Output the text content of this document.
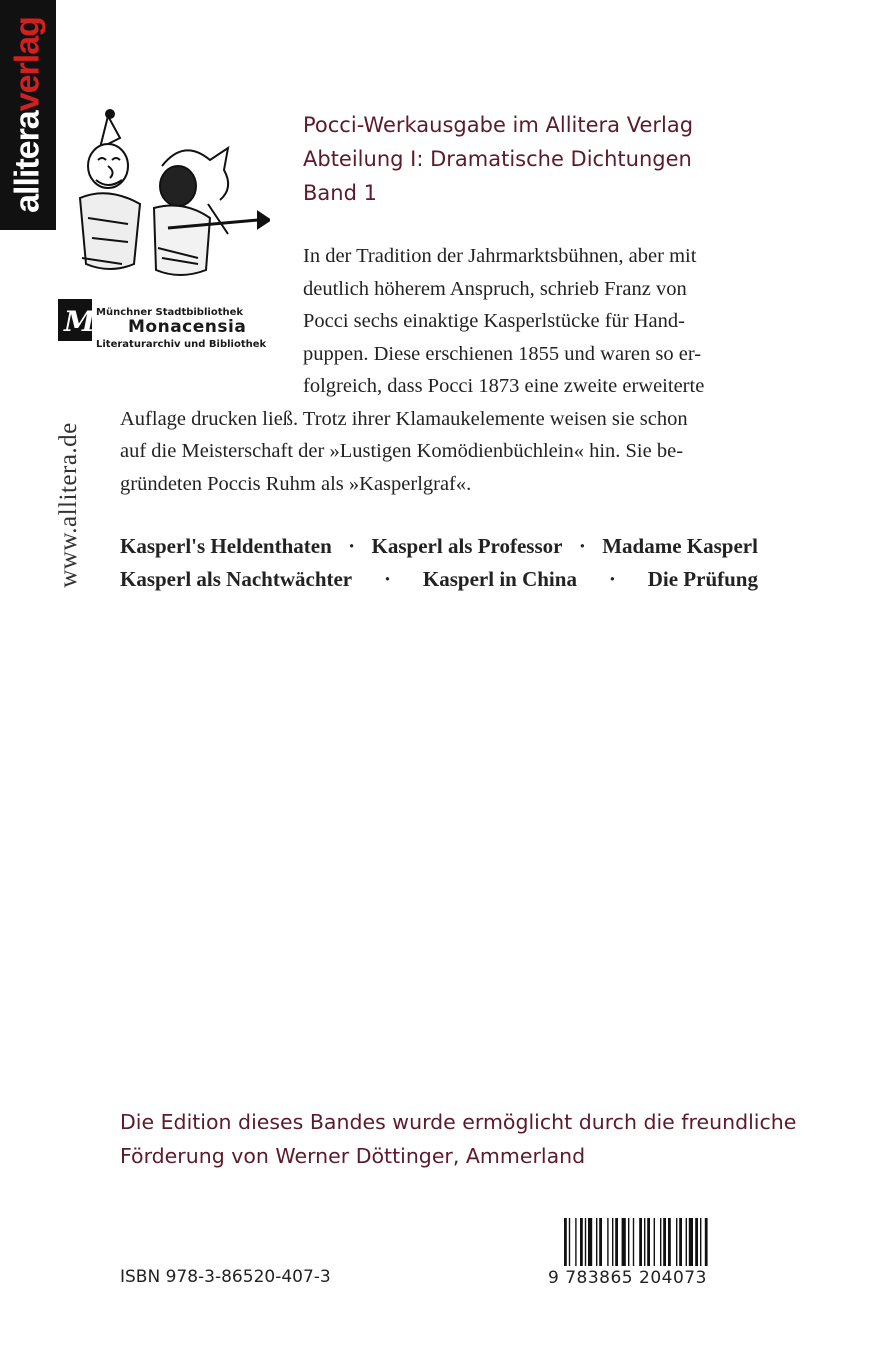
alliteraverlag
www.allitera.de
M Münchner Stadtbibliothek
Monacensia
Literaturarchiv und Bibliothek
Pocci-Werkausgabe im Allitera Verlag
Abteilung I: Dramatische Dichtungen
Band 1
In der Tradition der Jahrmarktsbühnen, aber mit
deutlich höherem Anspruch, schrieb Franz von
Pocci sechs einaktige Kasperlstücke für Hand-
puppen. Diese erschienen 1855 und waren so er-
folgreich, dass Pocci 1873 eine zweite erweiterte
Auflage drucken ließ. Trotz ihrer Klamaukelemente weisen sie schon
auf die Meisterschaft der »Lustigen Komödienbüchlein« hin. Sie be-
gründeten Poccis Ruhm als »Kasperlgraf«.
Kasperl's Heldenthaten · Kasperl als Professor · Madame Kasperl
Kasperl als Nachtwächter · Kasperl in China · Die Prüfung
Die Edition dieses Bandes wurde ermöglicht durch die freundliche
Förderung von Werner Döttinger, Ammerland
ISBN 978-3-86520-407-3	9 783865 204073
